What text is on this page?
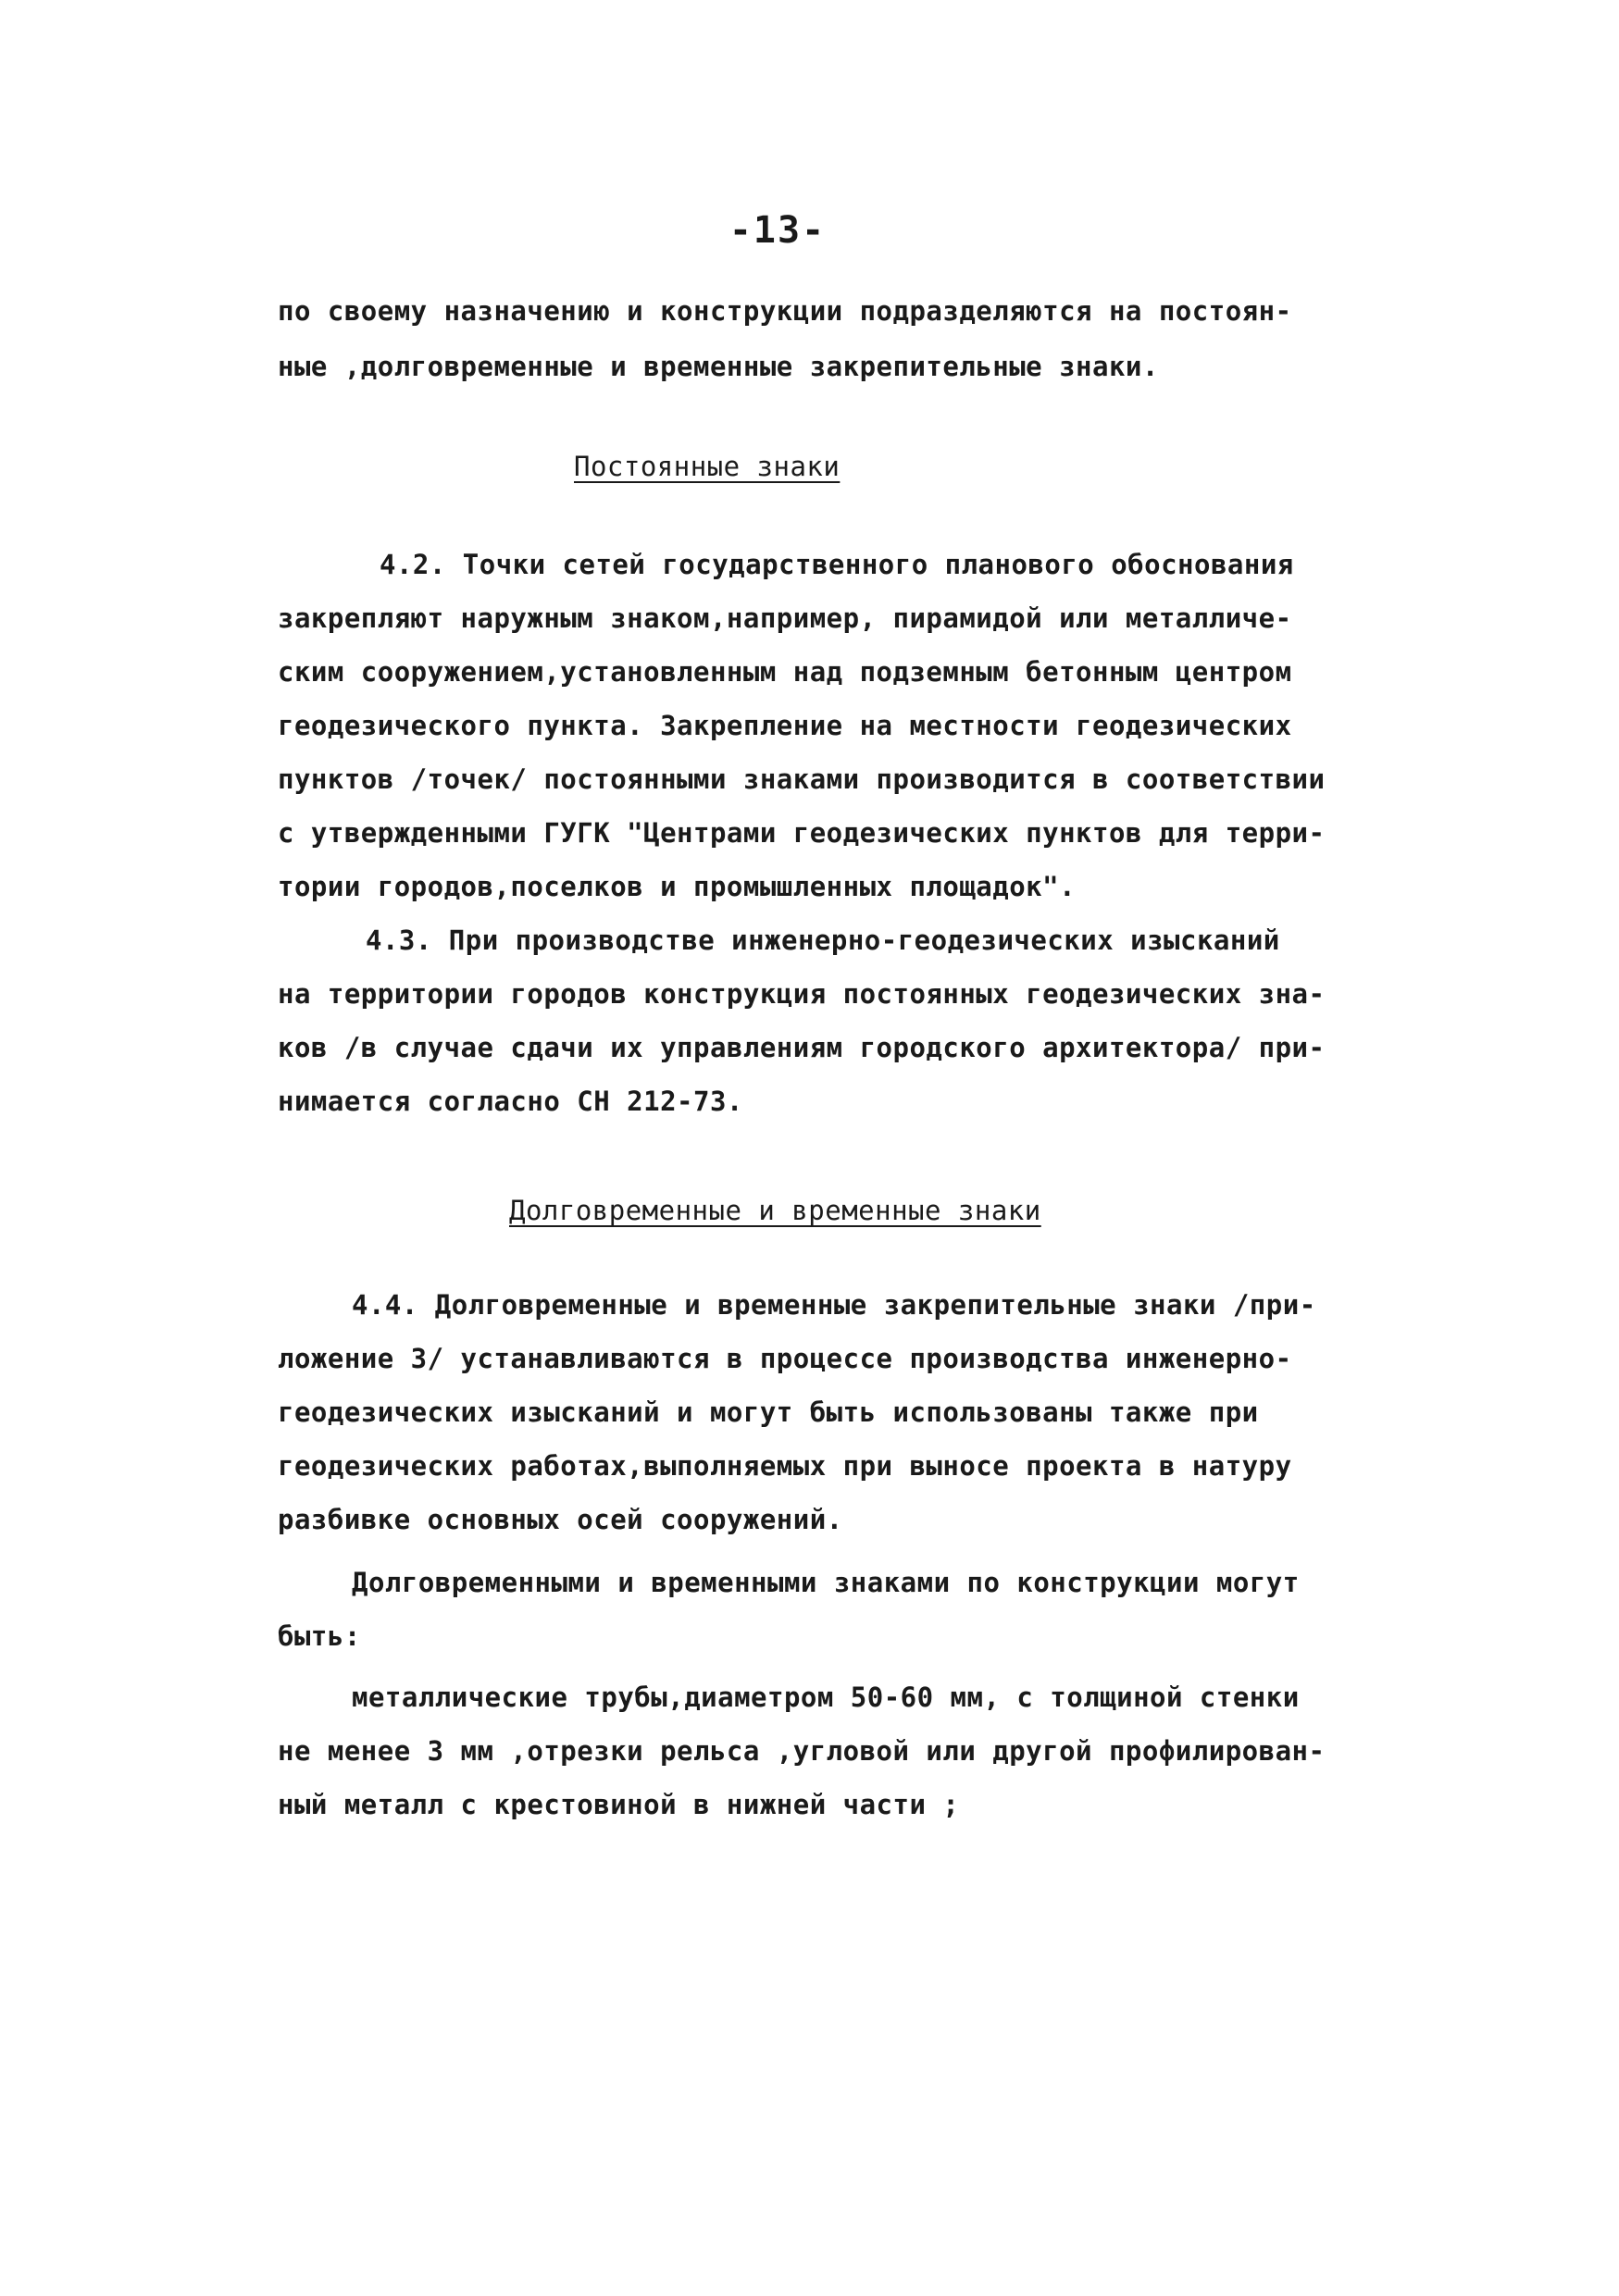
-13-
по своему назначению и конструкции подразделяются на постоян-
ные ,долговременные и временные закрепительные знаки.
Постоянные знаки
4.2. Точки сетей государственного планового обоснования
закрепляют наружным знаком,например, пирамидой или металличе-
ским сооружением,установленным над подземным бетонным центром
геодезического пункта. Закрепление на местности геодезических
пунктов /точек/ постоянными знаками производится в соответствии
с утвержденными ГУГК "Центрами геодезических пунктов для терри-
тории городов,поселков и промышленных площадок".
4.3. При производстве инженерно-геодезических изысканий
на территории городов конструкция постоянных геодезических зна-
ков /в случае сдачи их управлениям городского архитектора/ при-
нимается согласно СН 212-73.
Долговременные и временные знаки
4.4. Долговременные и временные закрепительные знаки /при-
ложение 3/ устанавливаются в процессе производства инженерно-
геодезических изысканий и могут быть использованы также при
геодезических работах,выполняемых при выносе проекта в натуру
разбивке основных осей сооружений.
Долговременными и временными знаками по конструкции могут
быть:
металлические трубы,диаметром 50-60 мм, с толщиной стенки
не менее 3 мм ,отрезки рельса ,угловой или другой профилирован-
ный металл с крестовиной в нижней части ;
